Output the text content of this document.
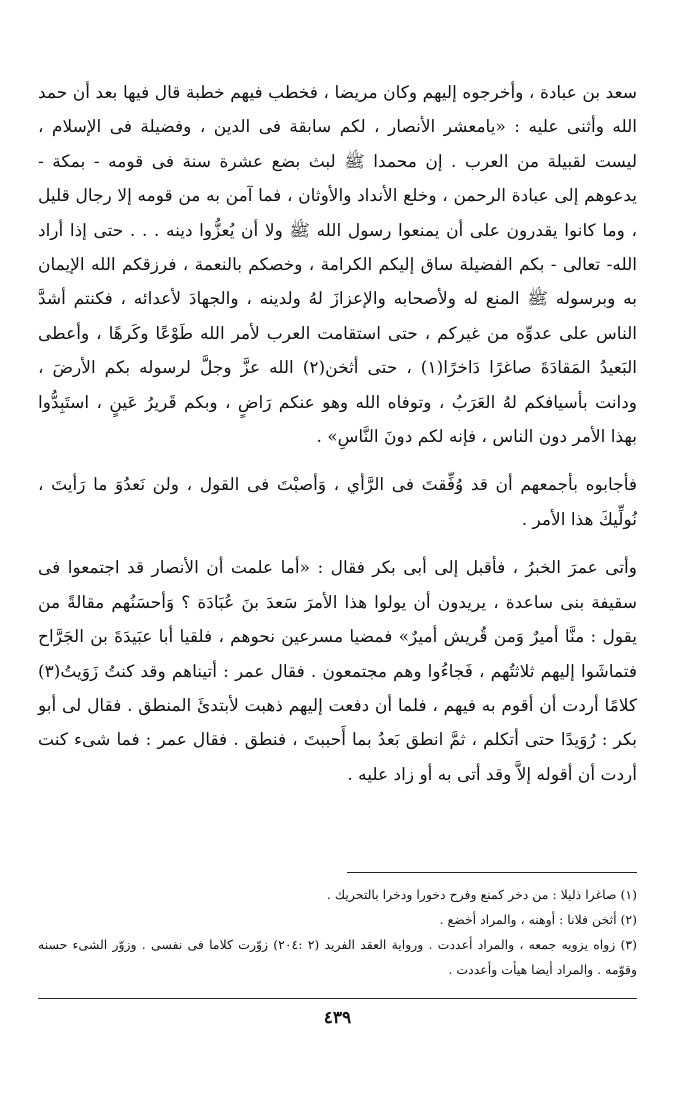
سعد بن عبادة ، وأخرجوه إليهم وكان مريضا ، فخطب فيهم خطبة قال فيها بعد أن حمد الله وأثنى عليه : «يامعشر الأنصار ، لكم سابقة فى الدين ، وفضيلة فى الإسلام ، ليست لقبيلة من العرب . إن محمدا ﷺ لبث بضع عشرة سنة فى قومه - بمكة - يدعوهم إلى عبادة الرحمن ، وخلع الأنداد والأوثان ، فما آمن به من قومه إلا رجال قليل ، وما كانوا يقدرون على أن يمنعوا رسول الله ﷺ ولا أن يُعزُّوا دينه . . . حتى إذا أراد الله- تعالى - بكم الفضيلة ساق إليكم الكرامة ، وخصكم بالنعمة ، فرزقكم الله الإيمان به وبرسوله ﷺ المنع له ولأصحابه والإعزازَ لهُ ولدينه ، والجهادَ لأعدائه ، فكنتم أشدَّ الناس على عدوِّه من غيركم ، حتى استقامت العرب لأمر الله طَوْعًا وكَرهًا ، وأعطى البَعيدُ المَقادَةَ صاغرًا دَاخرًا(١) ، حتى أثخن(٢) الله عزَّ وجلَّ لرسوله بكم الأرضَ ، ودانت بأسيافكم لهُ العَرَبُ ، وتوفاه الله وهو عنكم رَاضٍ ، وبكم قَريرُ عَينٍ ، استَبِدُّوا بهذا الأمر دون الناس ، فإنه لكم دونَ النَّاسِ» .

فأجابوه بأجمعهم أن قد وُفِّقتَ فى الرَّأي ، وَأصبْتَ فى القول ، ولن نَعدُوَ ما رَأيتَ ، نُولِّيكَ هذا الأمر .

وأتى عمرَ الخبرُ ، فأقبل إلى أبى بكر فقال : «أما علمت أن الأنصار قد اجتمعوا فى سقيفة بنى ساعدة ، يريدون أن يولوا هذا الأمرَ سَعدَ بنَ عُبَادَة ؟ وَأحسَنُهم مقالةً من يقول : منَّا أميرٌ وَمن قُريش أميرٌ» فمضيا مسرعين نحوهم ، فلقيا أبا عبَيدَةَ بن الجَرَّاح فتماشَوا إليهم ثلاثتُهم ، فَجاءُوا وهم مجتمعون . فقال عمر : أتيناهم وقد كنتُ زَوَيتُ(٣) كلامًا أردت أن أقوم به فيهم ، فلما أن دفعت إليهم ذهبت لأبتدئَ المنطق . فقال لى أبو بكر : رُوَيدًا حتى أتكلم ، ثمَّ انطق بَعدُ بما أَحببتَ ، فنطق . فقال عمر : فما شىء كنت أردت أن أقوله إلاَّ وقد أتى به أو زاد عليه .

(١) صاغرا ذليلا : من دخر كمنع وفرح دخورا ودخرا بالتحريك .

(٢) أثخن فلانا : أوهنه ، والمراد أخضع .

(٣) زواه يزويه جمعه ، والمراد أعددت . ورواية العقد الفريد (٢ :٢٠٤) زوّرت كلاما فى نفسى . وزوّر الشىء حسنه وقوّمه . والمراد أيضا هيأت وأعددت .

٤٣٩
